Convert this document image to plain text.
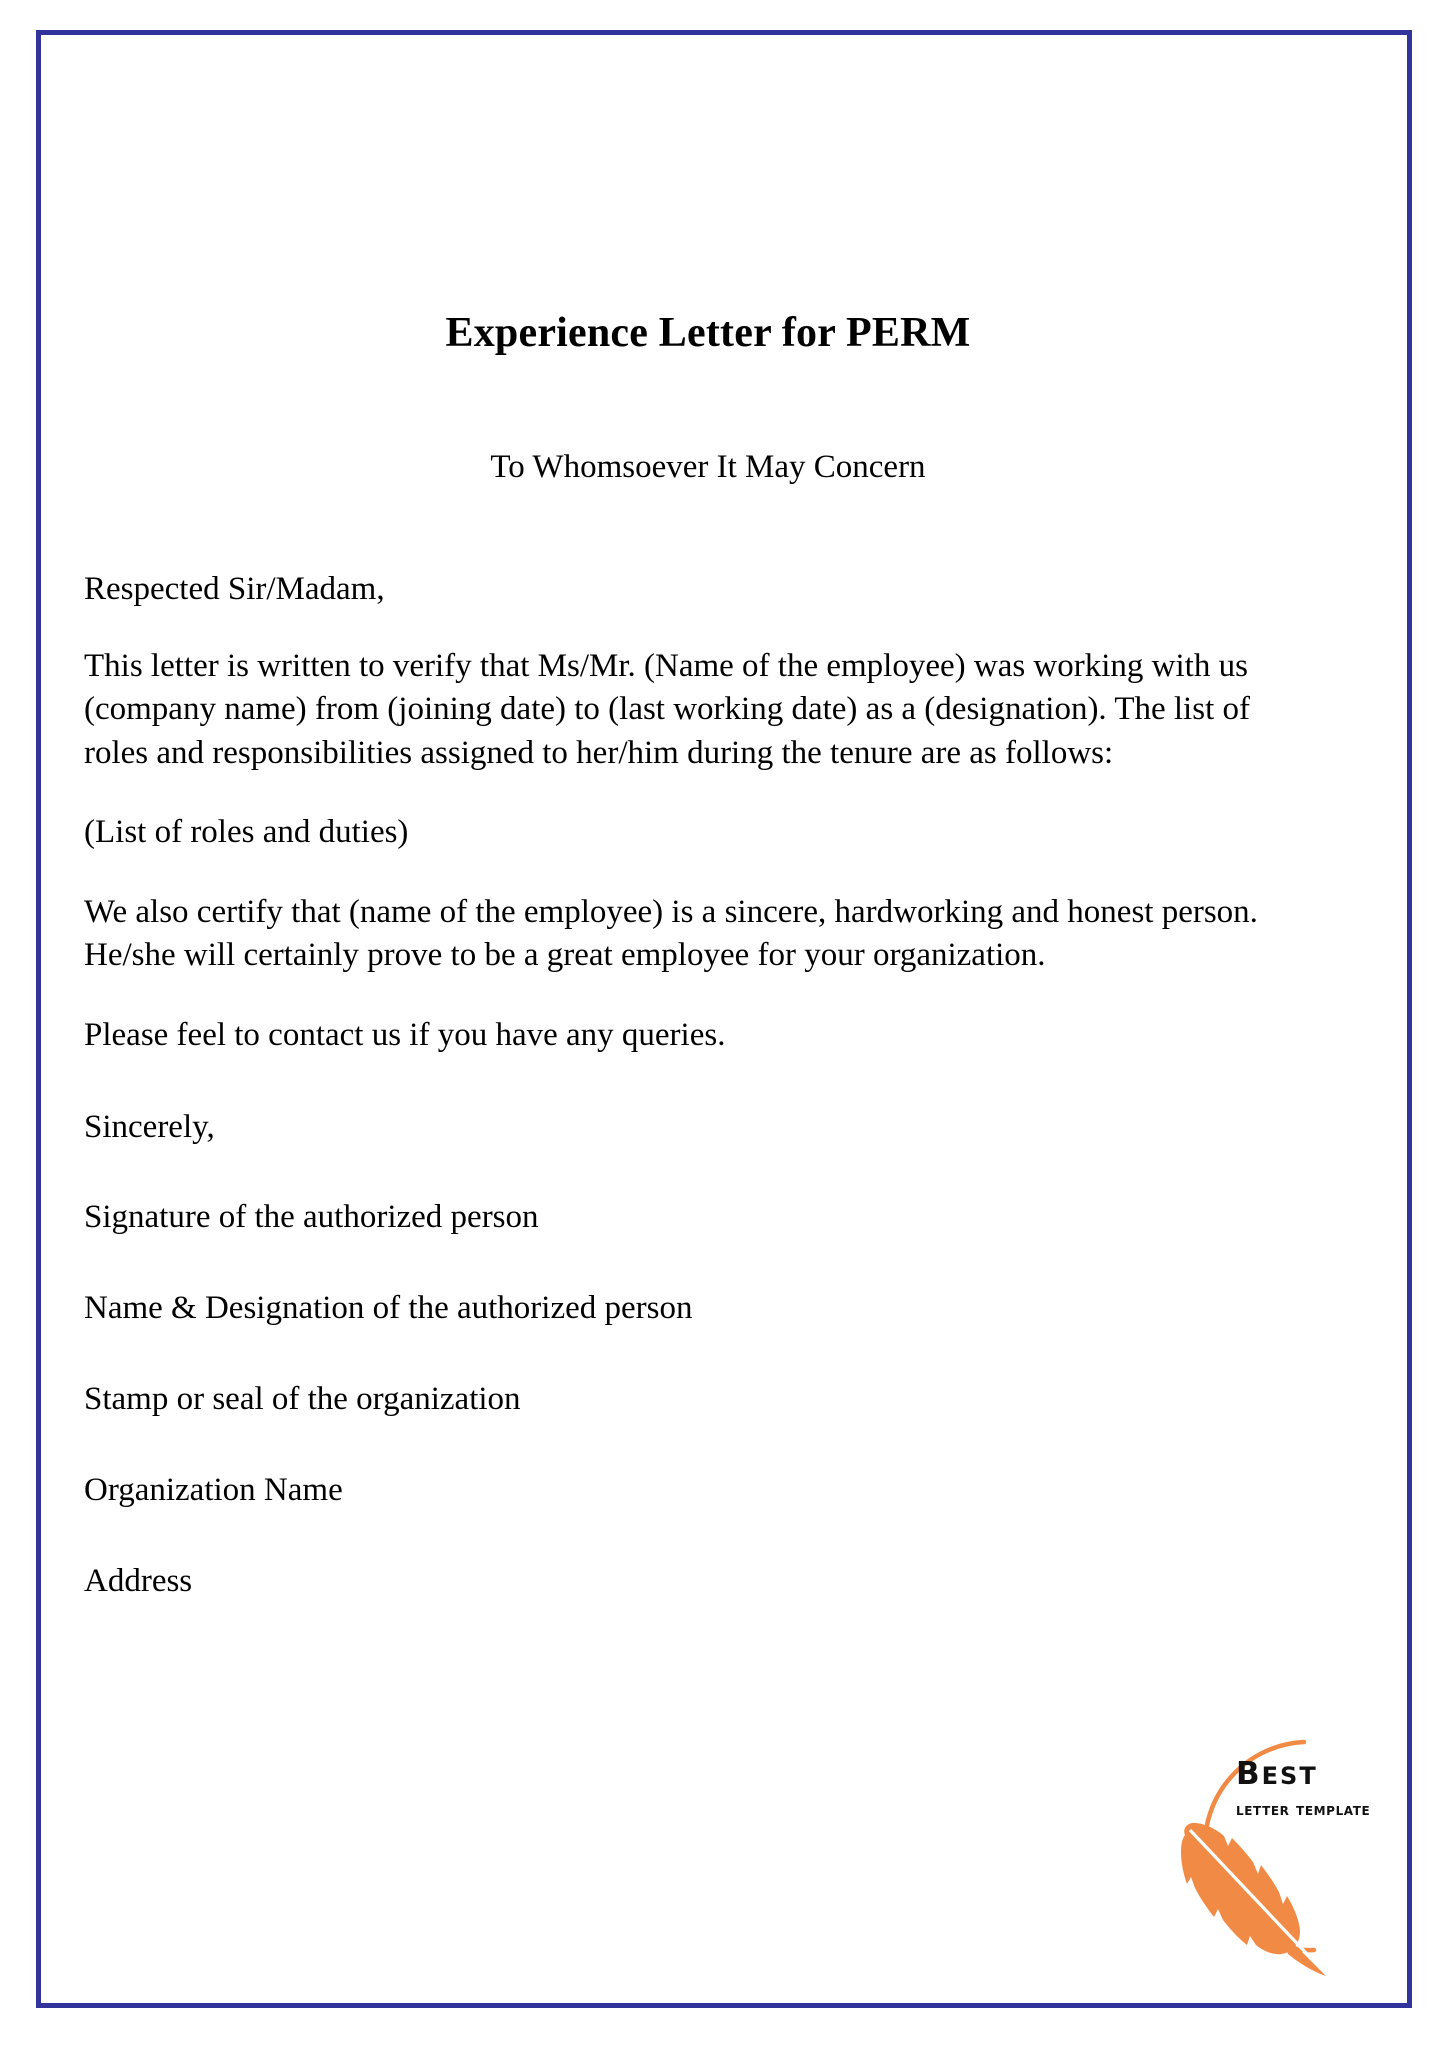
Experience Letter for PERM
To Whomsoever It May Concern
Respected Sir/Madam,
This letter is written to verify that Ms/Mr. (Name of the employee) was working with us (company name) from (joining date) to (last working date) as a (designation). The list of roles and responsibilities assigned to her/him during the tenure are as follows:
(List of roles and duties)
We also certify that (name of the employee) is a sincere, hardworking and honest person. He/she will certainly prove to be a great employee for your organization.
Please feel to contact us if you have any queries.
Sincerely,
Signature of the authorized person
Name & Designation of the authorized person
Stamp or seal of the organization
Organization Name
Address
best
letter template
